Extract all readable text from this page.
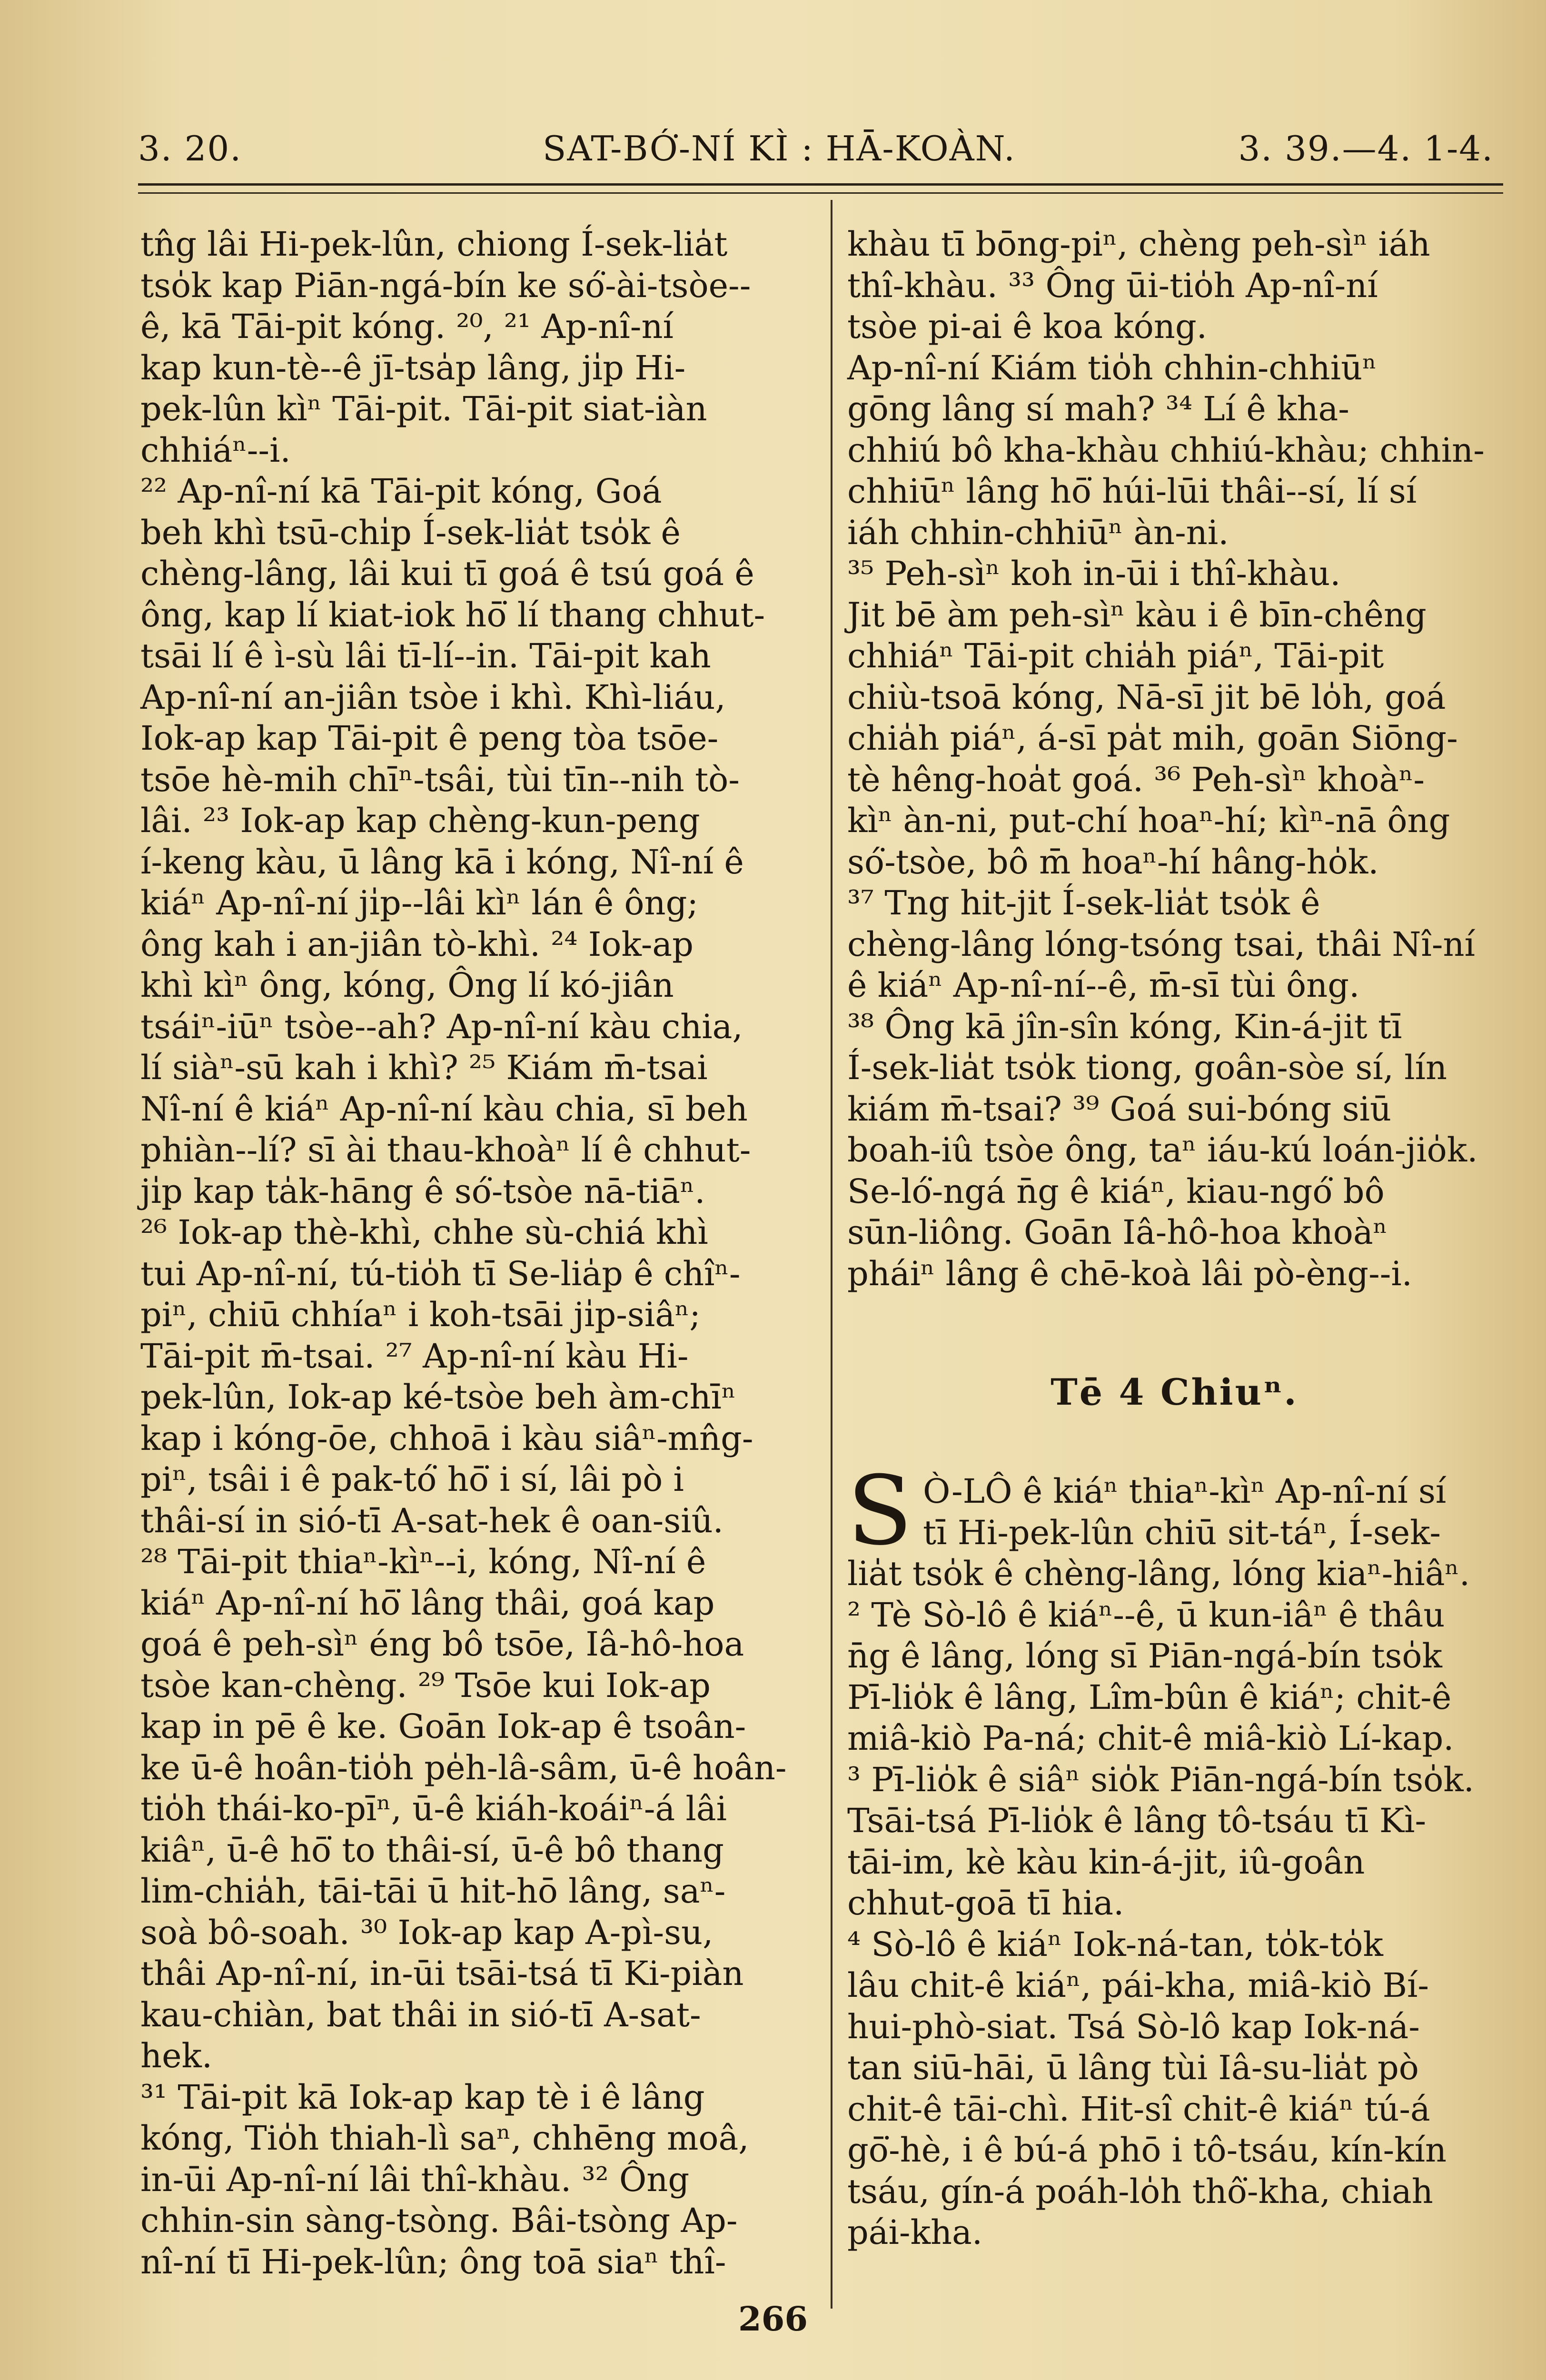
3. 20.	SAT-BÓ͘-NÍ KÌ : HĀ-KOÀN.	3. 39.—4. 1-4.
tn̂g lâi Hi-pek-lûn, chiong Í-sek-lia̍t
tso̍k kap Piān-ngá-bín ke só͘-ài-tsòe--
ê, kā Tāi-pit kóng. ²⁰, ²¹ Ap-nî-ní
kap kun-tè--ê jī-tsa̍p lâng, ji̍p Hi-
pek-lûn kìⁿ Tāi-pit. Tāi-pit siat-iàn
chhiáⁿ--i.
²² Ap-nî-ní kā Tāi-pit kóng, Goá
beh khì tsū-chi̍p Í-sek-lia̍t tso̍k ê
chèng-lâng, lâi kui tī goá ê tsú goá ê
ông, kap lí kiat-iok hō͘ lí thang chhut-
tsāi lí ê ì-sù lâi tī-lí--in. Tāi-pit kah
Ap-nî-ní an-jiân tsòe i khì. Khì-liáu,
Iok-ap kap Tāi-pit ê peng tòa tsōe-
tsōe hè-mih chīⁿ-tsâi, tùi tīn--nih tò-
lâi. ²³ Iok-ap kap chèng-kun-peng
í-keng kàu, ū lâng kā i kóng, Nî-ní ê
kiáⁿ Ap-nî-ní ji̍p--lâi kìⁿ lán ê ông;
ông kah i an-jiân tò-khì. ²⁴ Iok-ap
khì kìⁿ ông, kóng, Ông lí kó-jiân
tsáiⁿ-iūⁿ tsòe--ah? Ap-nî-ní kàu chia,
lí siàⁿ-sū kah i khì? ²⁵ Kiám m̄-tsai
Nî-ní ê kiáⁿ Ap-nî-ní kàu chia, sī beh
phiàn--lí? sī ài thau-khoàⁿ lí ê chhut-
ji̍p kap ta̍k-hāng ê só͘-tsòe nā-tiāⁿ.
²⁶ Iok-ap thè-khì, chhe sù-chiá khì
tui Ap-nî-ní, tú-tio̍h tī Se-lia̍p ê chîⁿ-
piⁿ, chiū chhíaⁿ i koh-tsāi ji̍p-siâⁿ;
Tāi-pit m̄-tsai. ²⁷ Ap-nî-ní kàu Hi-
pek-lûn, Iok-ap ké-tsòe beh àm-chīⁿ
kap i kóng-ōe, chhoā i kàu siâⁿ-mn̂g-
piⁿ, tsâi i ê pak-tó͘ hō͘ i sí, lâi pò i
thâi-sí in sió-tī A-sat-hek ê oan-siû.
²⁸ Tāi-pit thiaⁿ-kìⁿ--i, kóng, Nî-ní ê
kiáⁿ Ap-nî-ní hō͘ lâng thâi, goá kap
goá ê peh-sìⁿ éng bô tsōe, Iâ-hô-hoa
tsòe kan-chèng. ²⁹ Tsōe kui Iok-ap
kap in pē ê ke. Goān Iok-ap ê tsoân-
ke ū-ê hoân-tio̍h pe̍h-lâ-sâm, ū-ê hoân-
tio̍h thái-ko-pīⁿ, ū-ê kiáh-koáiⁿ-á lâi
kiâⁿ, ū-ê hō͘ to thâi-sí, ū-ê bô thang
lim-chia̍h, tāi-tāi ū hit-hō lâng, saⁿ-
soà bô-soah. ³⁰ Iok-ap kap A-pì-su,
thâi Ap-nî-ní, in-ūi tsāi-tsá tī Ki-piàn
kau-chiàn, bat thâi in sió-tī A-sat-
hek.
³¹ Tāi-pit kā Iok-ap kap tè i ê lâng
kóng, Tio̍h thiah-lì saⁿ, chhēng moâ,
in-ūi Ap-nî-ní lâi thî-khàu. ³² Ông
chhin-sin sàng-tsòng. Bâi-tsòng Ap-
nî-ní tī Hi-pek-lûn; ông toā siaⁿ thî-
khàu tī bōng-piⁿ, chèng peh-sìⁿ iáh
thî-khàu. ³³ Ông ūi-tio̍h Ap-nî-ní
tsòe pi-ai ê koa kóng.
Ap-nî-ní Kiám tio̍h chhin-chhiūⁿ
gōng lâng sí mah? ³⁴ Lí ê kha-
chhiú bô kha-khàu chhiú-khàu; chhin-
chhiūⁿ lâng hō͘ húi-lūi thâi--sí, lí sí
iáh chhin-chhiūⁿ àn-ni.
³⁵ Peh-sìⁿ koh in-ūi i thî-khàu.
Jit bē àm peh-sìⁿ kàu i ê bīn-chêng
chhiáⁿ Tāi-pit chia̍h piáⁿ, Tāi-pit
chiù-tsoā kóng, Nā-sī jit bē lo̍h, goá
chia̍h piáⁿ, á-sī pa̍t mih, goān Siōng-
tè hêng-hoa̍t goá. ³⁶ Peh-sìⁿ khoàⁿ-
kìⁿ àn-ni, put-chí hoaⁿ-hí; kìⁿ-nā ông
só͘-tsòe, bô m̄ hoaⁿ-hí hâng-ho̍k.
³⁷ Tng hit-jit Í-sek-lia̍t tso̍k ê
chèng-lâng lóng-tsóng tsai, thâi Nî-ní
ê kiáⁿ Ap-nî-ní--ê, m̄-sī tùi ông.
³⁸ Ông kā jîn-sîn kóng, Kin-á-jit tī
Í-sek-lia̍t tso̍k tiong, goân-sòe sí, lín
kiám m̄-tsai? ³⁹ Goá sui-bóng siū
boah-iû tsòe ông, taⁿ iáu-kú loán-jio̍k.
Se-ló͘-ngá n̄g ê kiáⁿ, kiau-ngó͘ bô
sūn-liông. Goān Iâ-hô-hoa khoàⁿ
pháiⁿ lâng ê chē-koà lâi pò-èng--i.
Tē 4 Chiuⁿ.
S Ò-LÔ ê kiáⁿ thiaⁿ-kìⁿ Ap-nî-ní sí
tī Hi-pek-lûn chiū sit-táⁿ, Í-sek-
lia̍t tso̍k ê chèng-lâng, lóng kiaⁿ-hiâⁿ.
² Tè Sò-lô ê kiáⁿ--ê, ū kun-iâⁿ ê thâu
n̄g ê lâng, lóng sī Piān-ngá-bín tso̍k
Pī-lio̍k ê lâng, Lîm-bûn ê kiáⁿ; chit-ê
miâ-kiò Pa-ná; chit-ê miâ-kiò Lí-kap.
³ Pī-lio̍k ê siâⁿ sio̍k Piān-ngá-bín tso̍k.
Tsāi-tsá Pī-lio̍k ê lâng tô-tsáu tī Kì-
tāi-im, kè kàu kin-á-jit, iû-goân
chhut-goā tī hia.
⁴ Sò-lô ê kiáⁿ Iok-ná-tan, to̍k-to̍k
lâu chit-ê kiáⁿ, pái-kha, miâ-kiò Bí-
hui-phò-siat. Tsá Sò-lô kap Iok-ná-
tan siū-hāi, ū lâng tùi Iâ-su-lia̍t pò
chit-ê tāi-chì. Hit-sî chit-ê kiáⁿ tú-á
gō͘-hè, i ê bú-á phō i tô-tsáu, kín-kín
tsáu, gín-á poáh-lo̍h thô͘-kha, chiah
pái-kha.
266
